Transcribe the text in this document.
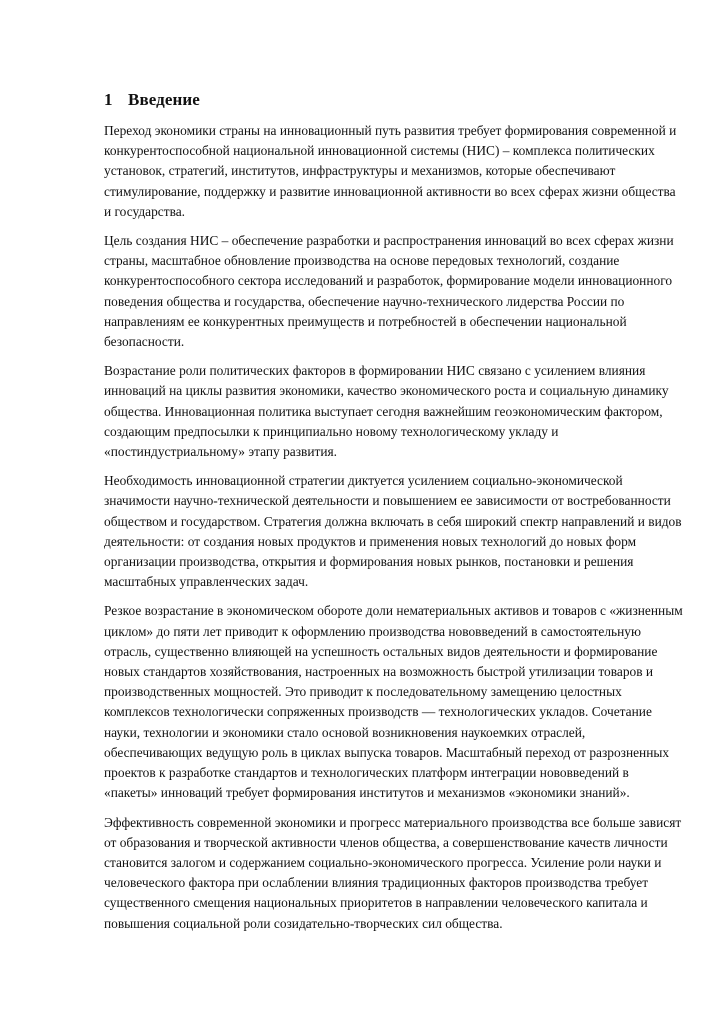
1 Введение

Переход экономики страны на инновационный путь развития требует формирования современной и конкурентоспособной национальной инновационной системы (НИС) – комплекса политических установок, стратегий, институтов, инфраструктуры и механизмов, которые обеспечивают стимулирование, поддержку и развитие инновационной активности во всех сферах жизни общества и государства.

Цель создания НИС – обеспечение разработки и распространения инноваций во всех сферах жизни страны, масштабное обновление производства на основе передовых технологий, создание конкурентоспособного сектора исследований и разработок, формирование модели инновационного поведения общества и государства, обеспечение научно-технического лидерства России по направлениям ее конкурентных преимуществ и потребностей в обеспечении национальной безопасности.

Возрастание роли политических факторов в формировании НИС связано с усилением влияния инноваций на циклы развития экономики, качество экономического роста и социальную динамику общества. Инновационная политика выступает сегодня важнейшим геоэкономическим фактором, создающим предпосылки к принципиально новому технологическому укладу и «постиндустриальному» этапу развития.

Необходимость инновационной стратегии диктуется усилением социально-экономической значимости научно-технической деятельности и повышением ее зависимости от востребованности обществом и государством. Стратегия должна включать в себя широкий спектр направлений и видов деятельности: от создания новых продуктов и применения новых технологий до новых форм организации производства, открытия и формирования новых рынков, постановки и решения масштабных управленческих задач.

Резкое возрастание в экономическом обороте доли нематериальных активов и товаров с «жизненным циклом» до пяти лет приводит к оформлению производства нововведений в самостоятельную отрасль, существенно влияющей на успешность остальных видов деятельности и формирование новых стандартов хозяйствования, настроенных на возможность быстрой утилизации товаров и производственных мощностей. Это приводит к последовательному замещению целостных комплексов технологически сопряженных производств — технологических укладов. Сочетание науки, технологии и экономики стало основой возникновения наукоемких отраслей, обеспечивающих ведущую роль в циклах выпуска товаров. Масштабный переход от разрозненных проектов к разработке стандартов и технологических платформ интеграции нововведений в «пакеты» инноваций требует формирования институтов и механизмов «экономики знаний».

Эффективность современной экономики и прогресс материального производства все больше зависят от образования и творческой активности членов общества, а совершенствование качеств личности становится залогом и содержанием социально-экономического прогресса. Усиление роли науки и человеческого фактора при ослаблении влияния традиционных факторов производства требует существенного смещения национальных приоритетов в направлении человеческого капитала и повышения социальной роли созидательно-творческих сил общества.
